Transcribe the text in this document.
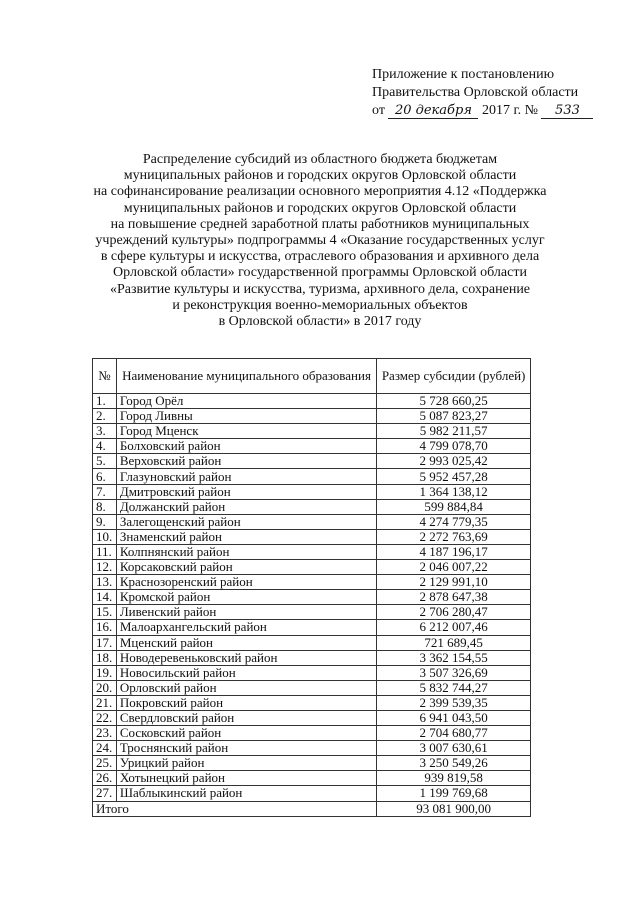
Приложение к постановлению
Правительства Орловской области
от 20 декабря 2017 г. № 533
Распределение субсидий из областного бюджета бюджетам
муниципальных районов и городских округов Орловской области
на софинансирование реализации основного мероприятия 4.12 «Поддержка
муниципальных районов и городских округов Орловской области
на повышение средней заработной платы работников муниципальных
учреждений культуры» подпрограммы 4 «Оказание государственных услуг
в сфере культуры и искусства, отраслевого образования и архивного дела
Орловской области» государственной программы Орловской области
«Развитие культуры и искусства, туризма, архивного дела, сохранение
и реконструкция военно-мемориальных объектов
в Орловской области» в 2017 году
№	Наименование муниципального образования	Размер субсидии (рублей)
1.	Город Орёл	5 728 660,25
2.	Город Ливны	5 087 823,27
3.	Город Мценск	5 982 211,57
4.	Болховский район	4 799 078,70
5.	Верховский район	2 993 025,42
6.	Глазуновский район	5 952 457,28
7.	Дмитровский район	1 364 138,12
8.	Должанский район	599 884,84
9.	Залегощенский район	4 274 779,35
10.	Знаменский район	2 272 763,69
11.	Колпнянский район	4 187 196,17
12.	Корсаковский район	2 046 007,22
13.	Краснозоренский район	2 129 991,10
14.	Кромской район	2 878 647,38
15.	Ливенский район	2 706 280,47
16.	Малоархангельский район	6 212 007,46
17.	Мценский район	721 689,45
18.	Новодеревеньковский район	3 362 154,55
19.	Новосильский район	3 507 326,69
20.	Орловский район	5 832 744,27
21.	Покровский район	2 399 539,35
22.	Свердловский район	6 941 043,50
23.	Сосковский район	2 704 680,77
24.	Троснянский район	3 007 630,61
25.	Урицкий район	3 250 549,26
26.	Хотынецкий район	939 819,58
27.	Шаблыкинский район	1 199 769,68
Итого		93 081 900,00
